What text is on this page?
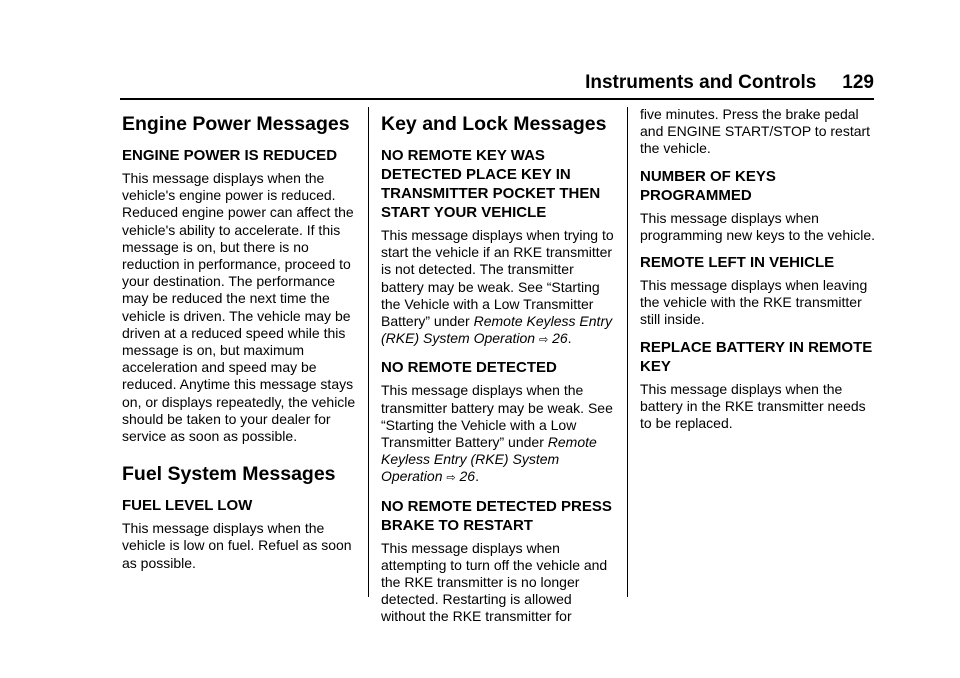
Instruments and Controls 129
Engine Power Messages
ENGINE POWER IS REDUCED

This message displays when the vehicle's engine power is reduced. Reduced engine power can affect the vehicle's ability to accelerate. If this message is on, but there is no reduction in performance, proceed to your destination. The performance may be reduced the next time the vehicle is driven. The vehicle may be driven at a reduced speed while this message is on, but maximum acceleration and speed may be reduced. Anytime this message stays on, or displays repeatedly, the vehicle should be taken to your dealer for service as soon as possible.

Fuel System Messages
FUEL LEVEL LOW

This message displays when the vehicle is low on fuel. Refuel as soon as possible.

Key and Lock Messages
NO REMOTE KEY WAS DETECTED PLACE KEY IN TRANSMITTER POCKET THEN START YOUR VEHICLE

This message displays when trying to start the vehicle if an RKE transmitter is not detected. The transmitter battery may be weak. See “Starting the Vehicle with a Low Transmitter Battery” under Remote Keyless Entry (RKE) System Operation ⇨ 26.

NO REMOTE DETECTED

This message displays when the transmitter battery may be weak. See “Starting the Vehicle with a Low Transmitter Battery” under Remote Keyless Entry (RKE) System Operation ⇨ 26.

NO REMOTE DETECTED PRESS BRAKE TO RESTART

This message displays when attempting to turn off the vehicle and the RKE transmitter is no longer detected. Restarting is allowed without the RKE transmitter for

five minutes. Press the brake pedal and ENGINE START/STOP to restart the vehicle.

NUMBER OF KEYS PROGRAMMED

This message displays when programming new keys to the vehicle.

REMOTE LEFT IN VEHICLE

This message displays when leaving the vehicle with the RKE transmitter still inside.

REPLACE BATTERY IN REMOTE KEY

This message displays when the battery in the RKE transmitter needs to be replaced.
